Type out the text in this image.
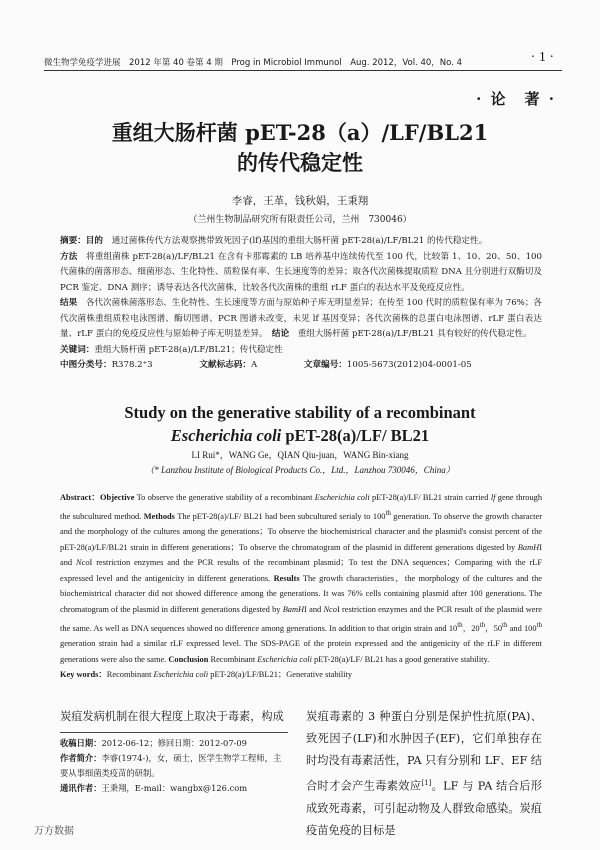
微生物学免疫学进展　2012 年第 40 卷第 4 期　Prog in Microbiol Immunol　Aug. 2012，Vol. 40，No. 4	· 1 ·
· 论　著 ·
重组大肠杆菌 pET-28（a）/LF/BL21
的传代稳定性
李睿，王革，钱秋娟，王秉翔
（兰州生物制品研究所有限责任公司，兰州　730046）
摘要：目的　 通过菌株传代方法观察携带致死因子(lf)基因的重组大肠杆菌 pET-28(a)/LF/BL21 的传代稳定性。
方法　 将重组菌株 pET-28(a)/LF/BL21 在含有卡那霉素的 LB 培养基中连续传代至 100 代，比较第 1、10、20、50、100 代菌株的菌落形态、细菌形态、生化特性、质粒保有率、生长速度等的差异；取各代次菌株提取质粒 DNA 且分别进行双酶切及 PCR 鉴定、DNA 测序；诱导表达各代次菌株，比较各代次菌株的重组 rLF 蛋白的表达水平及免疫反应性。
结果　 各代次菌株菌落形态、生化特性、生长速度等方面与原始种子库无明显差异；在传至 100 代时的质粒保有率为 76%；各代次菌株重组质粒电泳图谱、酶切图谱、PCR 图谱未改变，未见 lf 基因变异；各代次菌株的总蛋白电泳图谱、rLF 蛋白表达量、rLF 蛋白的免疫反应性与原始种子库无明显差异。　 结论　 重组大肠杆菌 pET-28(a)/LF/BL21 具有较好的传代稳定性。
关键词：重组大肠杆菌 pET-28(a)/LF/BL21；传代稳定性
中图分类号：R378.2⁺3	文献标志码：A	文章编号：1005-5673(2012)04-0001-05
Study on the generative stability of a recombinant
Escherichia coli pET-28(a)/LF/ BL21
LI Rui*，WANG Ge，QIAN Qiu-juan，WANG Bin-xiang
（* Lanzhou Institute of Biological Products Co.，Ltd.，Lanzhou 730046，China）
Abstract：Objective To observe the generative stability of a recombinant Escherichia coli pET-28(a)/LF/ BL21 strain carried lf gene through the subcultured method. Methods The pET-28(a)/LF/ BL21 had been subcultured serialy to 100th generation. To observe the growth character and the morphology of the cultures among the generations；To observe the biochemistrical character and the plasmid's consist percent of the pET-28(a)/LF/BL21 strain in different generations；To observe the chromatogram of the plasmid in different generations digested by BamHI and NcoI restriction enzymes and the PCR results of the recombinant plasmid；To test the DNA sequences；Comparing with the rLF expressed level and the antigenicity in different generations. Results The growth characteristies，the morphology of the cultures and the biochemistrical character did not showed difference among the generations. It was 76% cells containing plasmid after 100 generations. The chromatogram of the plasmid in different generations digested by BamHI and NcoI restriction enzymes and the PCR result of the plasmid were the same. As well as DNA sequences showed no difference among generations. In addition to that origin strain and 10th，20th，50th and 100th generation strain had a similar rLF expressed level. The SDS-PAGE of the protein expressed and the antigenicity of the rLF in different generations were also the same. Conclusion Recombinant Escherichia coli pET-28(a)/LF/ BL21 has a good generative stability.
Key words：Recombinant Escherichia coli pET-28(a)/LF/BL21；Generative stability
炭疽发病机制在很大程度上取决于毒素，构成
收稿日期：2012-06-12；修回日期：2012-07-09
作者简介：李睿(1974-)，女，硕士，医学生物学工程师，主要从事细菌类疫苗的研制。
通讯作者：王秉翔，E-mail：wangbx@126.com
炭疽毒素的 3 种蛋白分别是保护性抗原(PA)、致死因子(LF)和水肿因子(EF)，它们单独存在时均没有毒素活性，PA 只有分别和 LF、EF 结合时才会产生毒素效应[1]。LF 与 PA 结合后形成致死毒素，可引起动物及人群致命感染。炭疽疫苗免疫的目标是
万方数据
